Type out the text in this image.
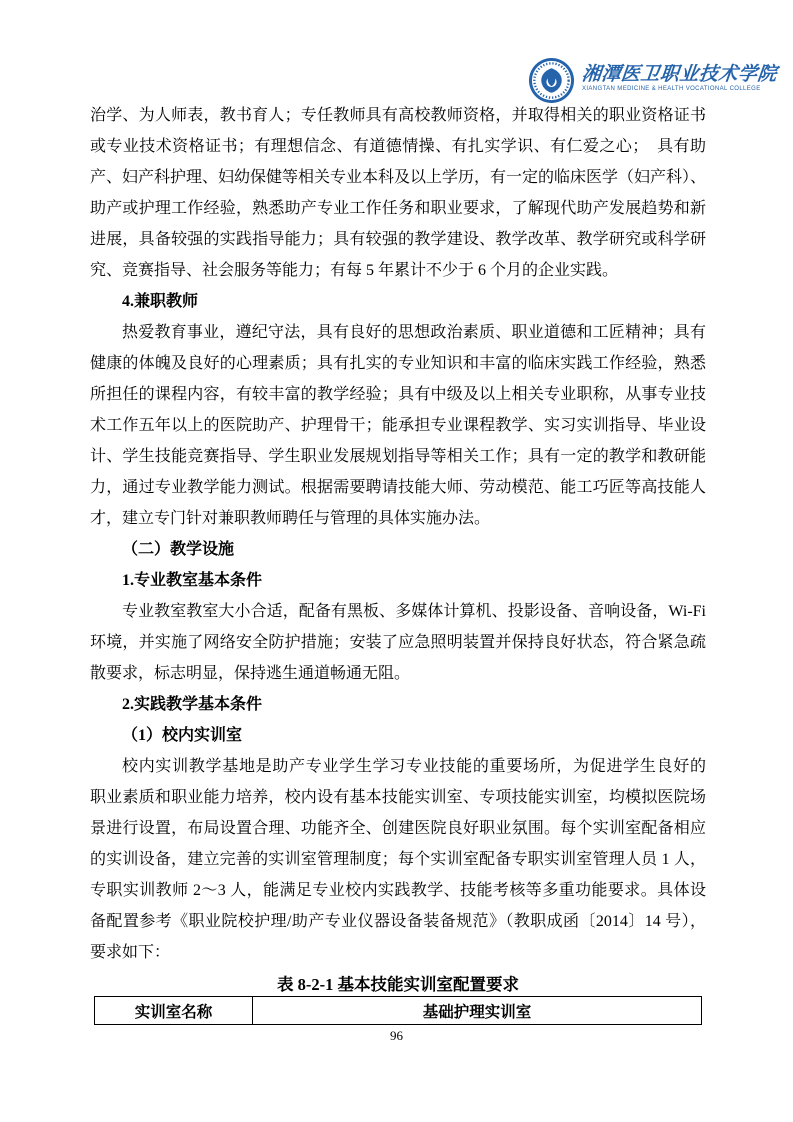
湘潭医卫职业技术学院
XIANGTAN MEDICINE & HEALTH VOCATIONAL COLLEGE
治学、为人师表，教书育人；专任教师具有高校教师资格，并取得相关的职业资格证书
或专业技术资格证书；有理想信念、有道德情操、有扎实学识、有仁爱之心；　具有助
产、妇产科护理、妇幼保健等相关专业本科及以上学历，有一定的临床医学（妇产科）、
助产或护理工作经验，熟悉助产专业工作任务和职业要求，了解现代助产发展趋势和新
进展，具备较强的实践指导能力；具有较强的教学建设、教学改革、教学研究或科学研
究、竞赛指导、社会服务等能力；有每 5 年累计不少于 6 个月的企业实践。
4.兼职教师
热爱教育事业，遵纪守法，具有良好的思想政治素质、职业道德和工匠精神；具有
健康的体魄及良好的心理素质；具有扎实的专业知识和丰富的临床实践工作经验，熟悉
所担任的课程内容，有较丰富的教学经验；具有中级及以上相关专业职称，从事专业技
术工作五年以上的医院助产、护理骨干；能承担专业课程教学、实习实训指导、毕业设
计、学生技能竞赛指导、学生职业发展规划指导等相关工作；具有一定的教学和教研能
力，通过专业教学能力测试。根据需要聘请技能大师、劳动模范、能工巧匠等高技能人
才，建立专门针对兼职教师聘任与管理的具体实施办法。
（二）教学设施
1.专业教室基本条件
专业教室教室大小合适，配备有黑板、多媒体计算机、投影设备、音响设备，Wi-Fi
环境，并实施了网络安全防护措施；安装了应急照明装置并保持良好状态，符合紧急疏
散要求，标志明显，保持逃生通道畅通无阻。
2.实践教学基本条件
（1）校内实训室
校内实训教学基地是助产专业学生学习专业技能的重要场所，为促进学生良好的
职业素质和职业能力培养，校内设有基本技能实训室、专项技能实训室，均模拟医院场
景进行设置，布局设置合理、功能齐全、创建医院良好职业氛围。每个实训室配备相应
的实训设备，建立完善的实训室管理制度；每个实训室配备专职实训室管理人员 1 人，
专职实训教师 2～3 人，能满足专业校内实践教学、技能考核等多重功能要求。具体设
备配置参考《职业院校护理/助产专业仪器设备装备规范》（教职成函〔2014〕14 号），
要求如下：
表 8-2-1 基本技能实训室配置要求
实训室名称	基础护理实训室
96
